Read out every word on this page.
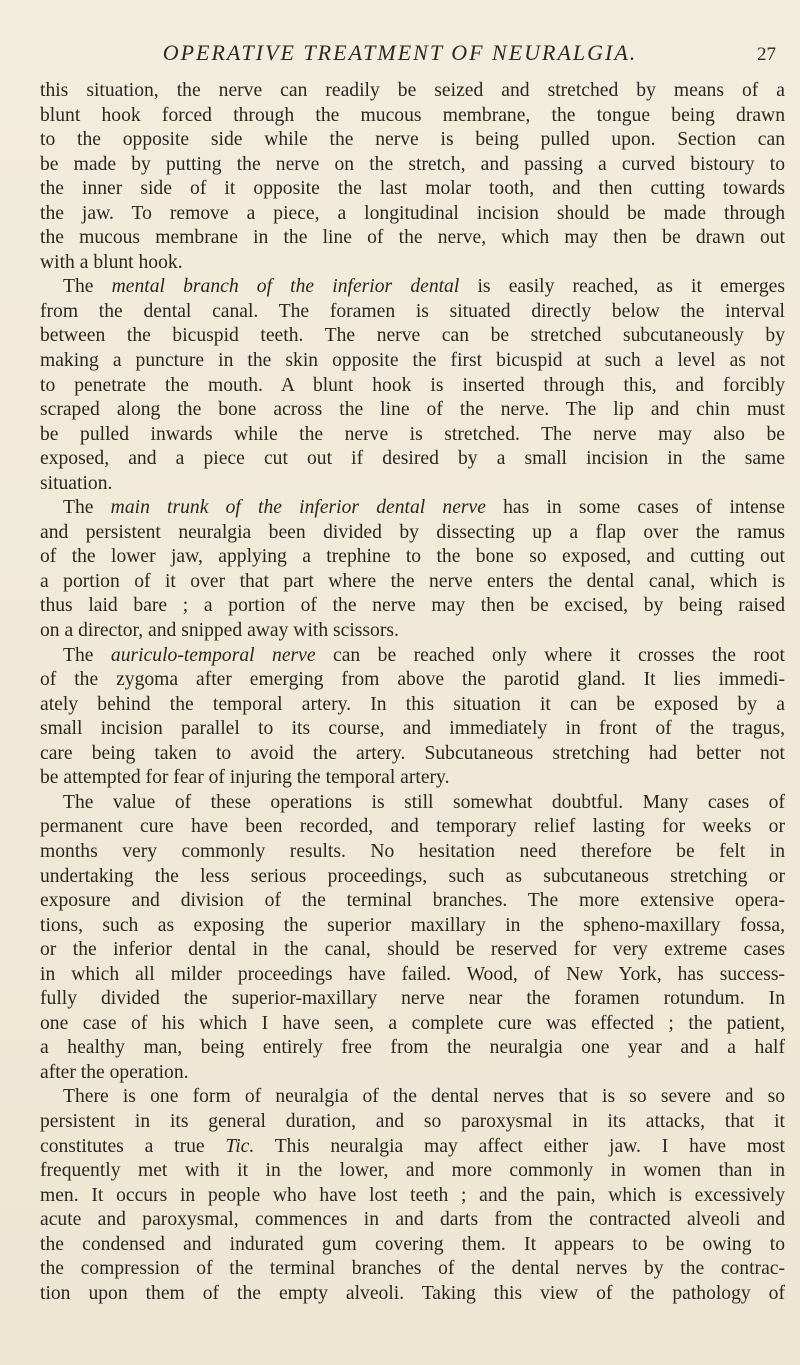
OPERATIVE TREATMENT OF NEURALGIA.	27
this situation, the nerve can readily be seized and stretched by means of a
blunt hook forced through the mucous membrane, the tongue being drawn
to the opposite side while the nerve is being pulled upon. Section can
be made by putting the nerve on the stretch, and passing a curved bistoury to
the inner side of it opposite the last molar tooth, and then cutting towards
the jaw. To remove a piece, a longitudinal incision should be made through
the mucous membrane in the line of the nerve, which may then be drawn out
with a blunt hook.
The mental branch of the inferior dental is easily reached, as it emerges
from the dental canal. The foramen is situated directly below the interval
between the bicuspid teeth. The nerve can be stretched subcutaneously by
making a puncture in the skin opposite the first bicuspid at such a level as not
to penetrate the mouth. A blunt hook is inserted through this, and forcibly
scraped along the bone across the line of the nerve. The lip and chin must
be pulled inwards while the nerve is stretched. The nerve may also be
exposed, and a piece cut out if desired by a small incision in the same
situation.
The main trunk of the inferior dental nerve has in some cases of intense
and persistent neuralgia been divided by dissecting up a flap over the ramus
of the lower jaw, applying a trephine to the bone so exposed, and cutting out
a portion of it over that part where the nerve enters the dental canal, which is
thus laid bare ; a portion of the nerve may then be excised, by being raised
on a director, and snipped away with scissors.
The auriculo-temporal nerve can be reached only where it crosses the root
of the zygoma after emerging from above the parotid gland. It lies immedi-
ately behind the temporal artery. In this situation it can be exposed by a
small incision parallel to its course, and immediately in front of the tragus,
care being taken to avoid the artery. Subcutaneous stretching had better not
be attempted for fear of injuring the temporal artery.
The value of these operations is still somewhat doubtful. Many cases of
permanent cure have been recorded, and temporary relief lasting for weeks or
months very commonly results. No hesitation need therefore be felt in
undertaking the less serious proceedings, such as subcutaneous stretching or
exposure and division of the terminal branches. The more extensive opera-
tions, such as exposing the superior maxillary in the spheno-maxillary fossa,
or the inferior dental in the canal, should be reserved for very extreme cases
in which all milder proceedings have failed. Wood, of New York, has success-
fully divided the superior-maxillary nerve near the foramen rotundum. In
one case of his which I have seen, a complete cure was effected ; the patient,
a healthy man, being entirely free from the neuralgia one year and a half
after the operation.
There is one form of neuralgia of the dental nerves that is so severe and so
persistent in its general duration, and so paroxysmal in its attacks, that it
constitutes a true Tic. This neuralgia may affect either jaw. I have most
frequently met with it in the lower, and more commonly in women than in
men. It occurs in people who have lost teeth ; and the pain, which is excessively
acute and paroxysmal, commences in and darts from the contracted alveoli and
the condensed and indurated gum covering them. It appears to be owing to
the compression of the terminal branches of the dental nerves by the contrac-
tion upon them of the empty alveoli. Taking this view of the pathology of
